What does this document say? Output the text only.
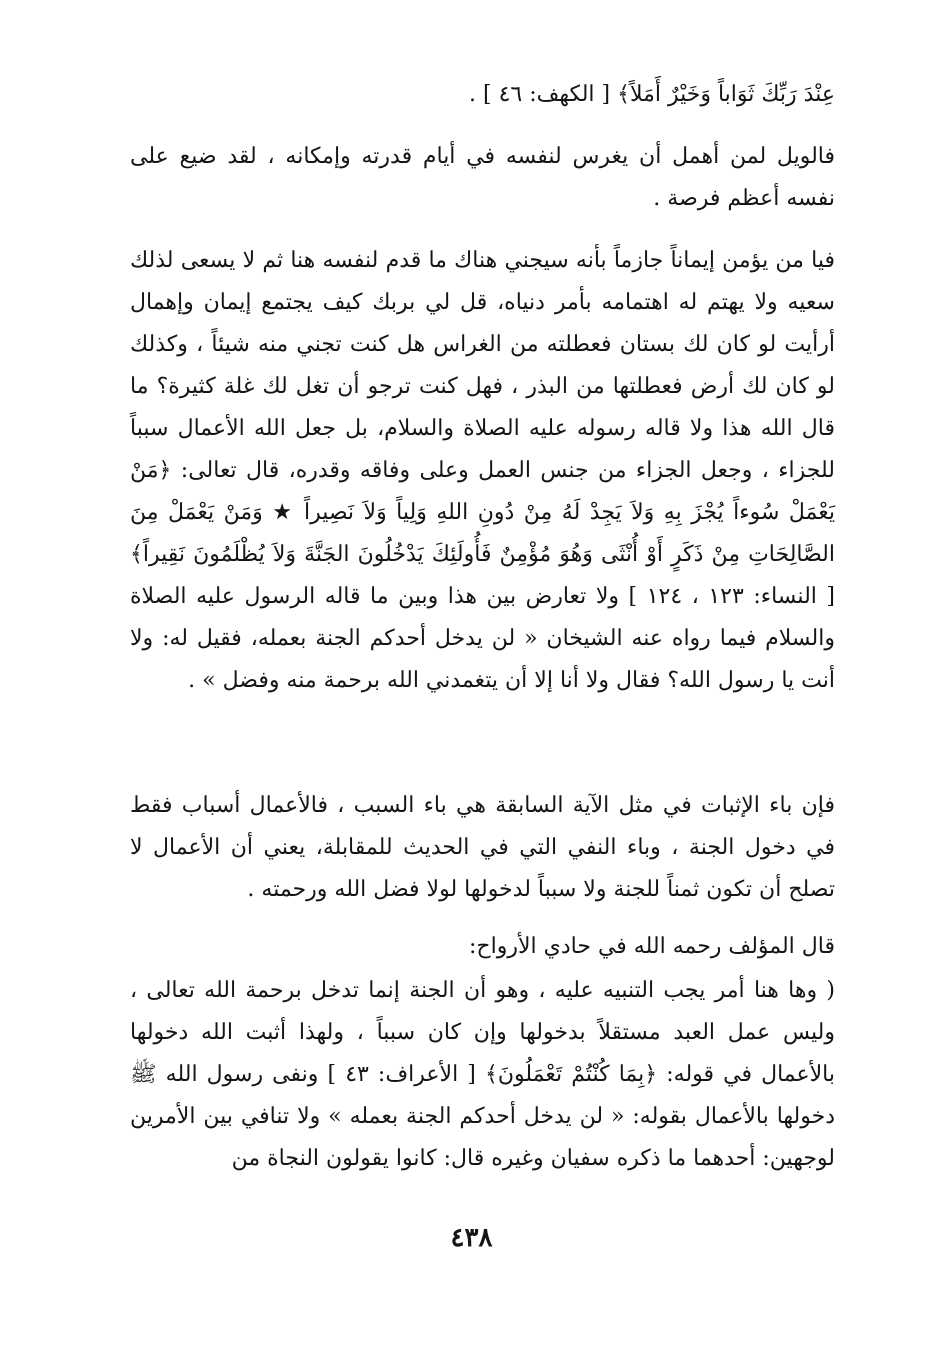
عِنْدَ رَبِّكَ ثَوَاباً وَخَيْرٌ أَمَلاً﴾ [ الكهف: ٤٦ ] .

فالويل لمن أهمل أن يغرس لنفسه في أيام قدرته وإمكانه ، لقد ضيع على نفسه أعظم فرصة .

فيا من يؤمن إيماناً جازماً بأنه سيجني هناك ما قدم لنفسه هنا ثم لا يسعى لذلك سعيه ولا يهتم له اهتمامه بأمر دنياه، قل لي بربك كيف يجتمع إيمان وإهمال أرأيت لو كان لك بستان فعطلته من الغراس هل كنت تجني منه شيئاً ، وكذلك لو كان لك أرض فعطلتها من البذر ، فهل كنت ترجو أن تغل لك غلة كثيرة؟ ما قال الله هذا ولا قاله رسوله عليه الصلاة والسلام، بل جعل الله الأعمال سبباً للجزاء ، وجعل الجزاء من جنس العمل وعلى وفاقه وقدره، قال تعالى: ﴿مَنْ يَعْمَلْ سُوءاً يُجْزَ بِهِ وَلاَ يَجِدْ لَهُ مِنْ دُونِ اللهِ وَلِياً وَلاَ نَصِيراً ★ وَمَنْ يَعْمَلْ مِنَ الصَّالِحَاتِ مِنْ ذَكَرٍ أَوْ أُنْثَى وَهُوَ مُؤْمِنٌ فَأُولَئِكَ يَدْخُلُونَ الجَنَّةَ وَلاَ يُظْلَمُونَ نَقِيراً﴾ [ النساء: ١٢٣ ، ١٢٤ ] ولا تعارض بين هذا وبين ما قاله الرسول عليه الصلاة والسلام فيما رواه عنه الشيخان « لن يدخل أحدكم الجنة بعمله، فقيل له: ولا أنت يا رسول الله؟ فقال ولا أنا إلا أن يتغمدني الله برحمة منه وفضل » .

فإن باء الإثبات في مثل الآية السابقة هي باء السبب ، فالأعمال أسباب فقط في دخول الجنة ، وباء النفي التي في الحديث للمقابلة، يعني أن الأعمال لا تصلح أن تكون ثمناً للجنة ولا سبباً لدخولها لولا فضل الله ورحمته .

قال المؤلف رحمه الله في حادي الأرواح:

( وها هنا أمر يجب التنبيه عليه ، وهو أن الجنة إنما تدخل برحمة الله تعالى ، وليس عمل العبد مستقلاً بدخولها وإن كان سبباً ، ولهذا أثبت الله دخولها بالأعمال في قوله: ﴿بِمَا كُنْتُمْ تَعْمَلُونَ﴾ [ الأعراف: ٤٣ ] ونفى رسول الله ﷺ دخولها بالأعمال بقوله: « لن يدخل أحدكم الجنة بعمله » ولا تنافي بين الأمرين لوجهين: أحدهما ما ذكره سفيان وغيره قال: كانوا يقولون النجاة من

٤٣٨
